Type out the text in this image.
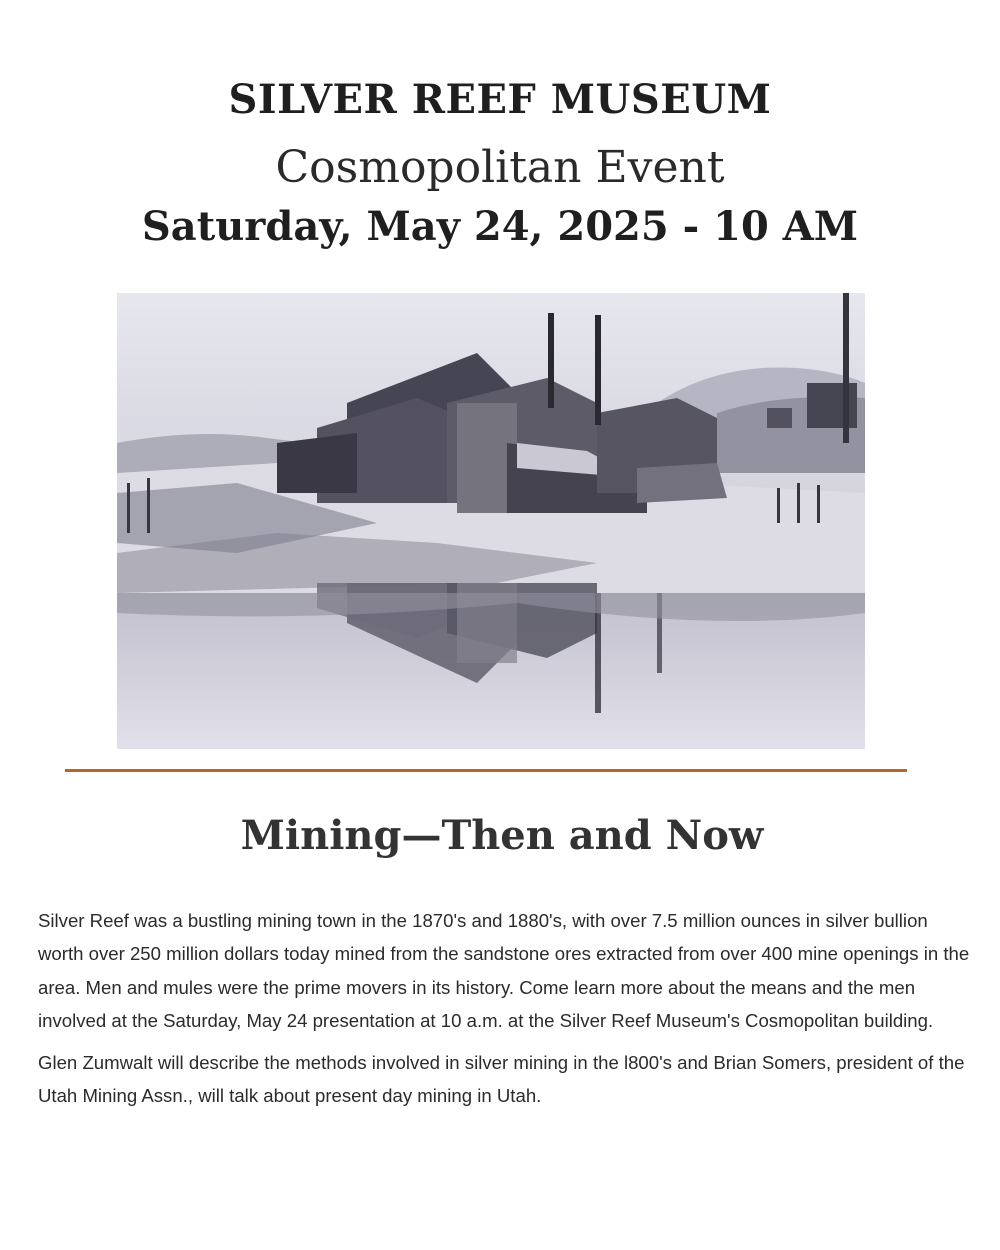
SILVER REEF MUSEUM
Cosmopolitan Event
Saturday, May 24, 2025 - 10 AM
Mining—Then and Now

Silver Reef was a bustling mining town in the 1870's and 1880's, with over 7.5 million ounces in silver bullion worth over 250 million dollars today mined from the sandstone ores extracted from over 400 mine openings in the area. Men and mules were the prime movers in its history. Come learn more about the means and the men involved at the Saturday, May 24 presentation at 10 a.m. at the Silver Reef Museum's Cosmopolitan building.

Glen Zumwalt will describe the methods involved in silver mining in the l800's and Brian Somers, president of the Utah Mining Assn., will talk about present day mining in Utah.
